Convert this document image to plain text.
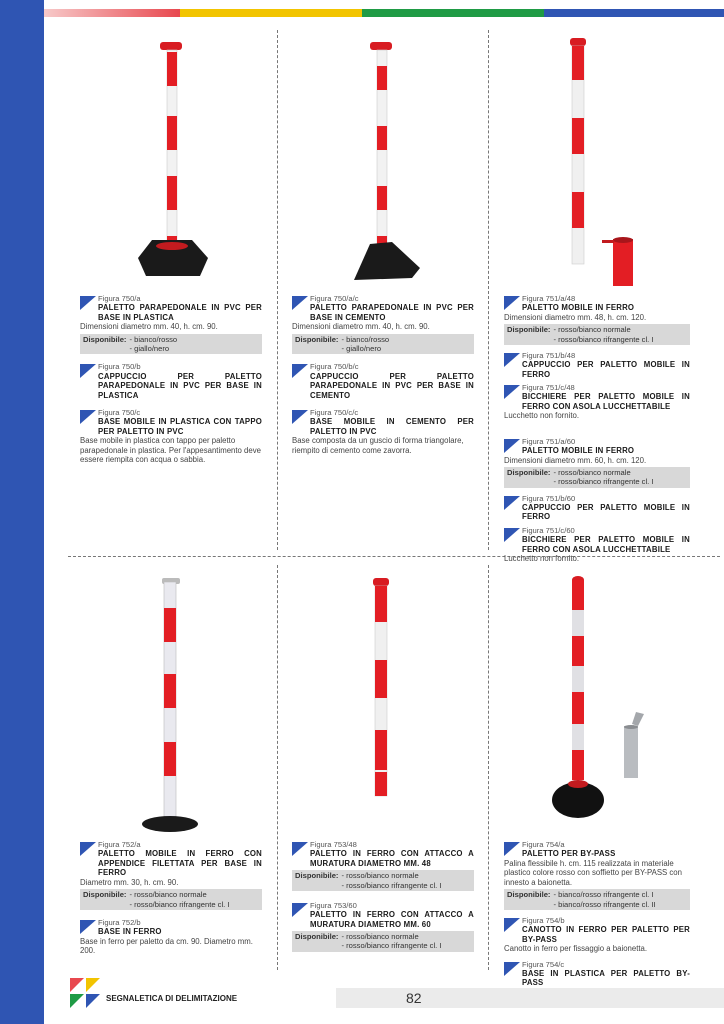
Figura 750/a
PALETTO PARAPEDONALE IN PVC PER BASE IN PLASTICA
Dimensioni diametro mm. 40, h. cm. 90.
Disponibile: - bianco/rosso
- giallo/nero
Figura 750/b
CAPPUCCIO PER PALETTO PARAPEDONALE IN PVC PER BASE IN PLASTICA
Figura 750/c
BASE MOBILE IN PLASTICA CON TAPPO PER PALETTO IN PVC
Base mobile in plastica con tappo per paletto parapedonale in plastica. Per l'appesantimento deve essere riempita con acqua o sabbia.
Figura 750/a/c
PALETTO PARAPEDONALE IN PVC PER BASE IN CEMENTO
Dimensioni diametro mm. 40, h. cm. 90.
Disponibile: - bianco/rosso
- giallo/nero
Figura 750/b/c
CAPPUCCIO PER PALETTO PARAPEDONALE IN PVC PER BASE IN CEMENTO
Figura 750/c/c
BASE MOBILE IN CEMENTO PER PALETTO IN PVC
Base composta da un guscio di forma triangolare, riempito di cemento come zavorra.
Figura 751/a/48
PALETTO MOBILE IN FERRO
Dimensioni diametro mm. 48, h. cm. 120.
Disponibile: - rosso/bianco normale
- rosso/bianco rifrangente cl. I
Figura 751/b/48
CAPPUCCIO PER PALETTO MOBILE IN FERRO
Figura 751/c/48
BICCHIERE PER PALETTO MOBILE IN FERRO CON ASOLA LUCCHETTABILE
Lucchetto non fornito.
Figura 751/a/60
PALETTO MOBILE IN FERRO
Dimensioni diametro mm. 60, h. cm. 120.
Disponibile: - rosso/bianco normale
- rosso/bianco rifrangente cl. I
Figura 751/b/60
CAPPUCCIO PER PALETTO MOBILE IN FERRO
Figura 751/c/60
BICCHIERE PER PALETTO MOBILE IN FERRO CON ASOLA LUCCHETTABILE
Lucchetto non fornito.
Figura 752/a
PALETTO MOBILE IN FERRO CON APPENDICE FILETTATA PER BASE IN FERRO
Diametro mm. 30, h. cm. 90.
Disponibile: - rosso/bianco normale
- rosso/bianco rifrangente cl. I
Figura 752/b
BASE IN FERRO
Base in ferro per paletto da cm. 90. Diametro mm. 200.
Figura 753/48
PALETTO IN FERRO CON ATTACCO A MURATURA DIAMETRO MM. 48
Disponibile: - rosso/bianco normale
- rosso/bianco rifrangente cl. I
Figura 753/60
PALETTO IN FERRO CON ATTACCO A MURATURA DIAMETRO MM. 60
Disponibile: - rosso/bianco normale
- rosso/bianco rifrangente cl. I
Figura 754/a
PALETTO PER BY-PASS
Palina flessibile h. cm. 115 realizzata in materiale plastico colore rosso con soffietto per BY-PASS con innesto a baionetta.
Disponibile: - bianco/rosso rifrangente cl. I
- bianco/rosso rifrangente cl. II
Figura 754/b
CANOTTO IN FERRO PER PALETTO PER BY-PASS
Canotto in ferro per fissaggio a baionetta.
Figura 754/c
BASE IN PLASTICA PER PALETTO BY-PASS
SEGNALETICA DI DELIMITAZIONE	82
